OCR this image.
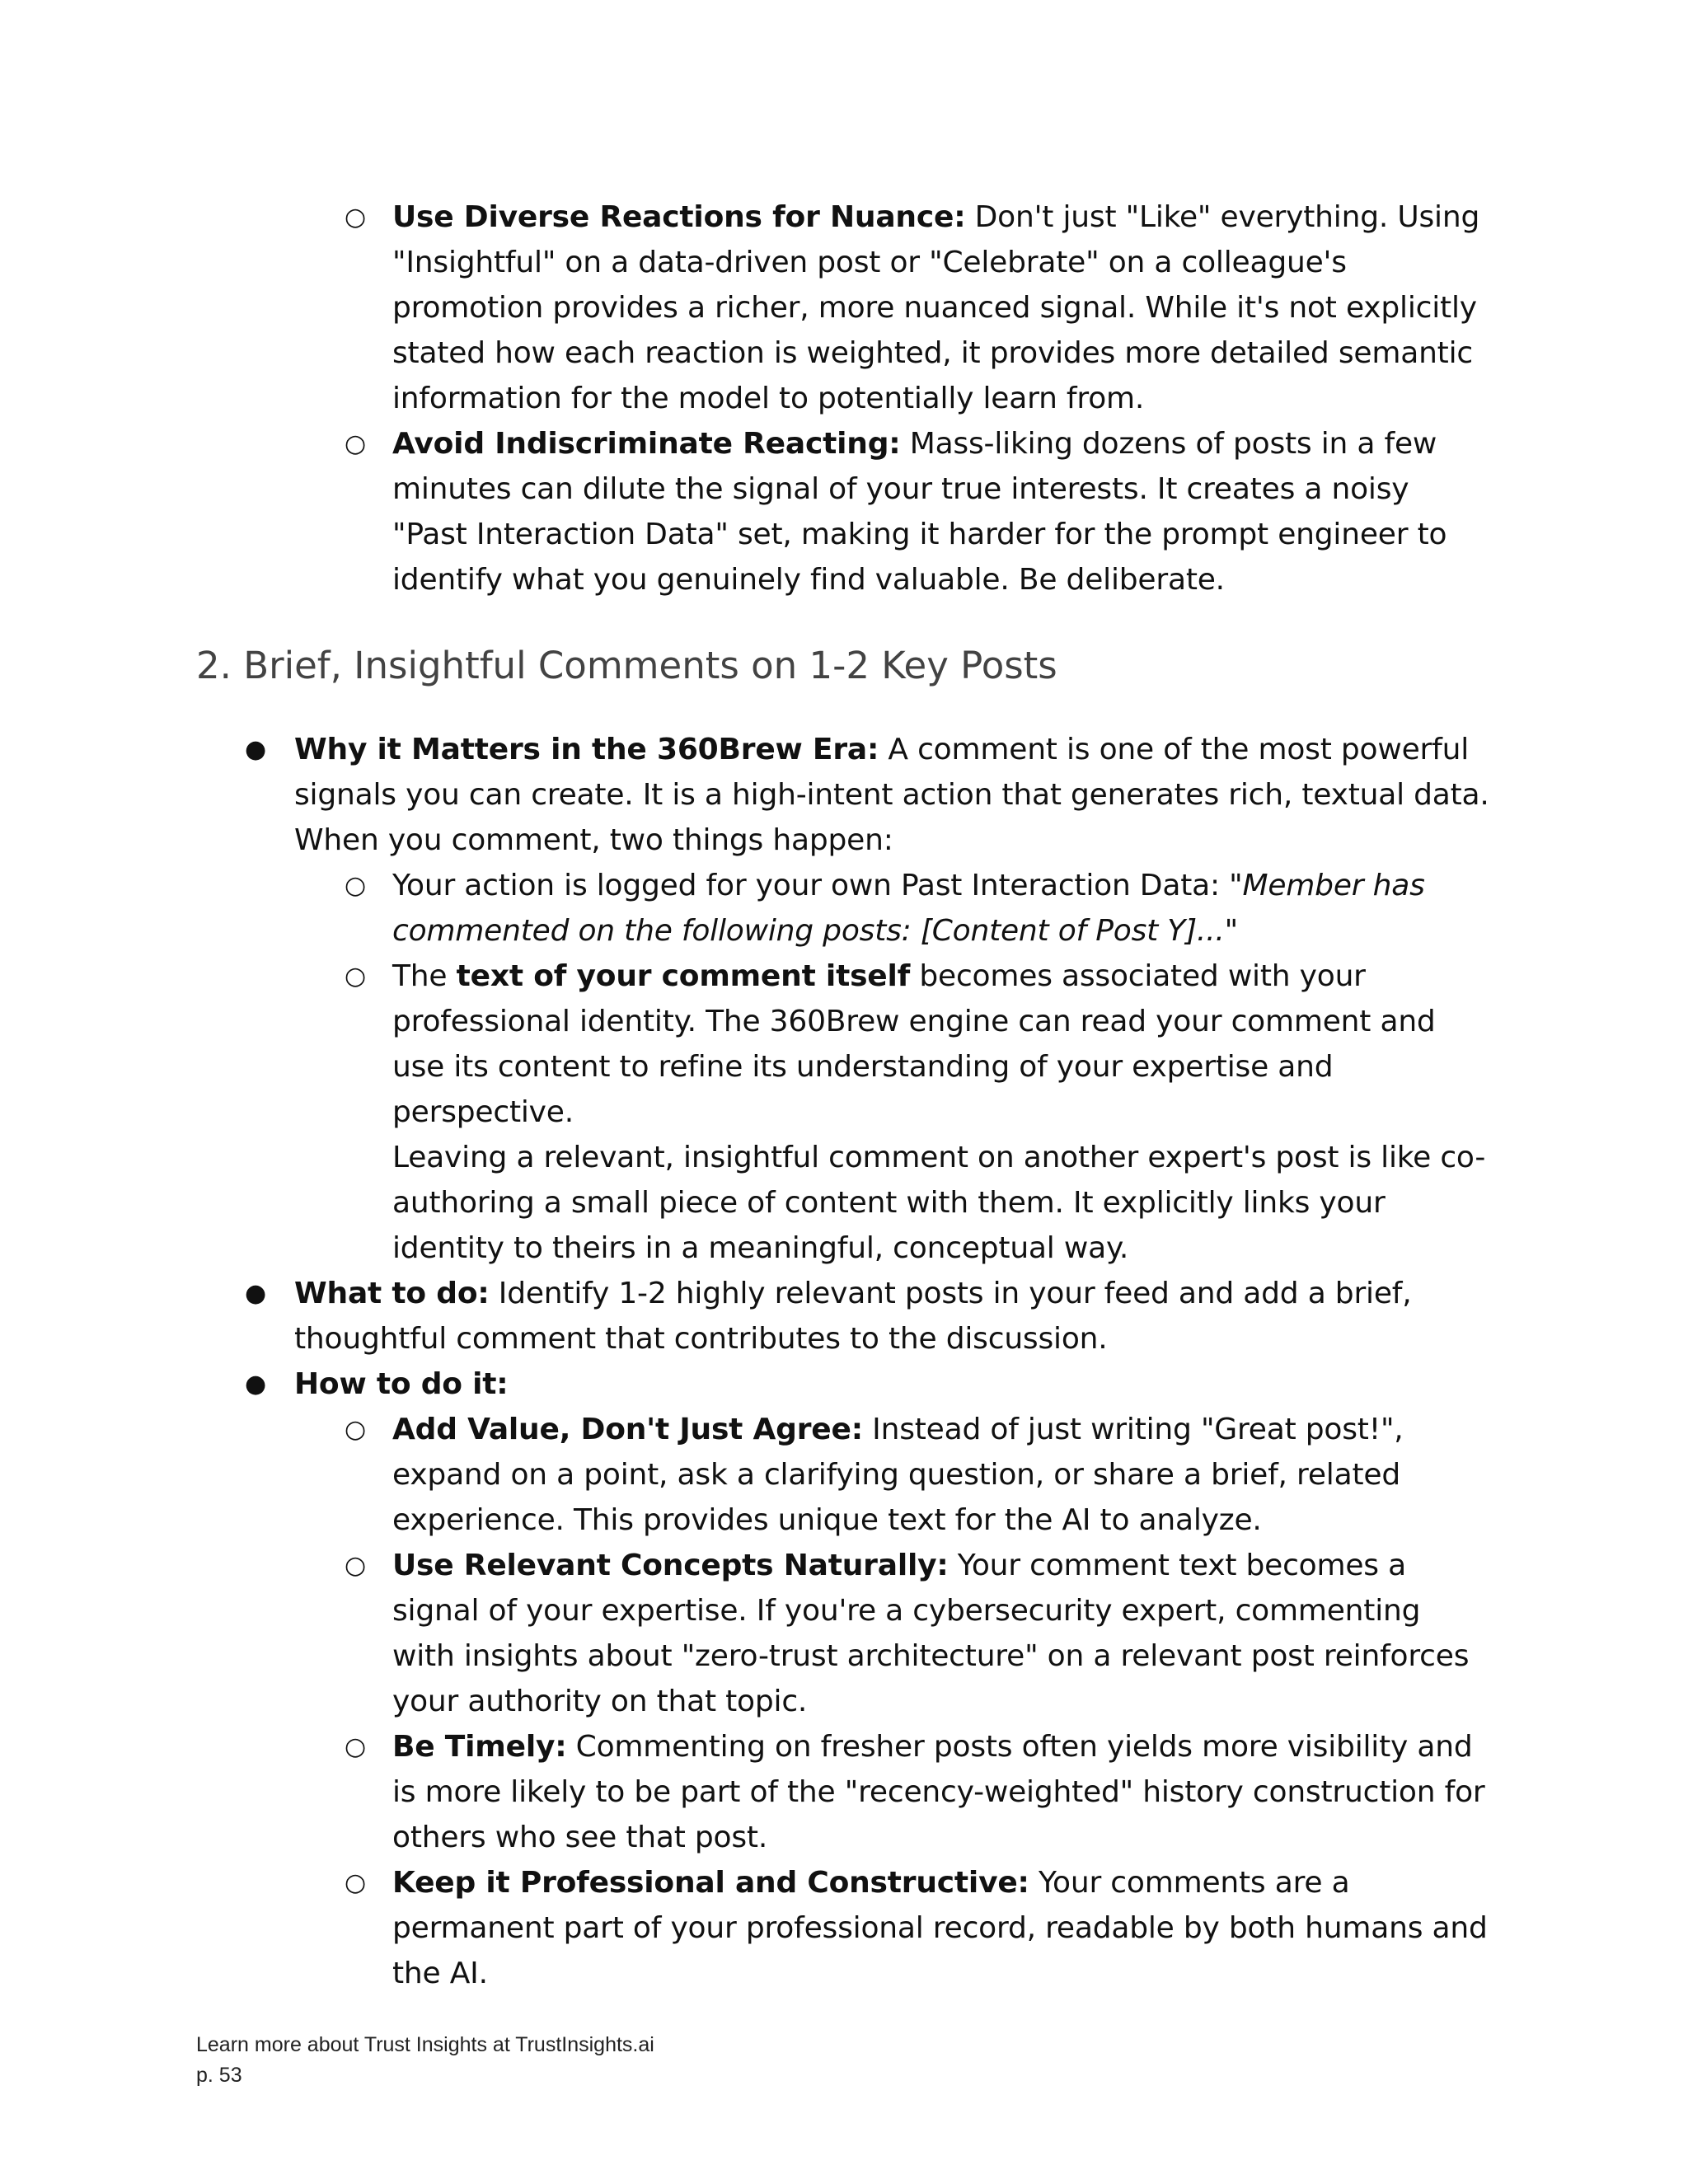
○ Use Diverse Reactions for Nuance: Don't just "Like" everything. Using "Insightful" on a data-driven post or "Celebrate" on a colleague's promotion provides a richer, more nuanced signal. While it's not explicitly stated how each reaction is weighted, it provides more detailed semantic information for the model to potentially learn from.
○ Avoid Indiscriminate Reacting: Mass-liking dozens of posts in a few minutes can dilute the signal of your true interests. It creates a noisy "Past Interaction Data" set, making it harder for the prompt engineer to identify what you genuinely find valuable. Be deliberate.
2. Brief, Insightful Comments on 1-2 Key Posts
● Why it Matters in the 360Brew Era: A comment is one of the most powerful signals you can create. It is a high-intent action that generates rich, textual data. When you comment, two things happen:
○ Your action is logged for your own Past Interaction Data: "Member has commented on the following posts: [Content of Post Y]..."
○ The text of your comment itself becomes associated with your professional identity. The 360Brew engine can read your comment and use its content to refine its understanding of your expertise and perspective.
Leaving a relevant, insightful comment on another expert's post is like co-authoring a small piece of content with them. It explicitly links your identity to theirs in a meaningful, conceptual way.
● What to do: Identify 1-2 highly relevant posts in your feed and add a brief, thoughtful comment that contributes to the discussion.
● How to do it:
○ Add Value, Don't Just Agree: Instead of just writing "Great post!", expand on a point, ask a clarifying question, or share a brief, related experience. This provides unique text for the AI to analyze.
○ Use Relevant Concepts Naturally: Your comment text becomes a signal of your expertise. If you're a cybersecurity expert, commenting with insights about "zero-trust architecture" on a relevant post reinforces your authority on that topic.
○ Be Timely: Commenting on fresher posts often yields more visibility and is more likely to be part of the "recency-weighted" history construction for others who see that post.
○ Keep it Professional and Constructive: Your comments are a permanent part of your professional record, readable by both humans and the AI.
Learn more about Trust Insights at TrustInsights.ai
p. 53
